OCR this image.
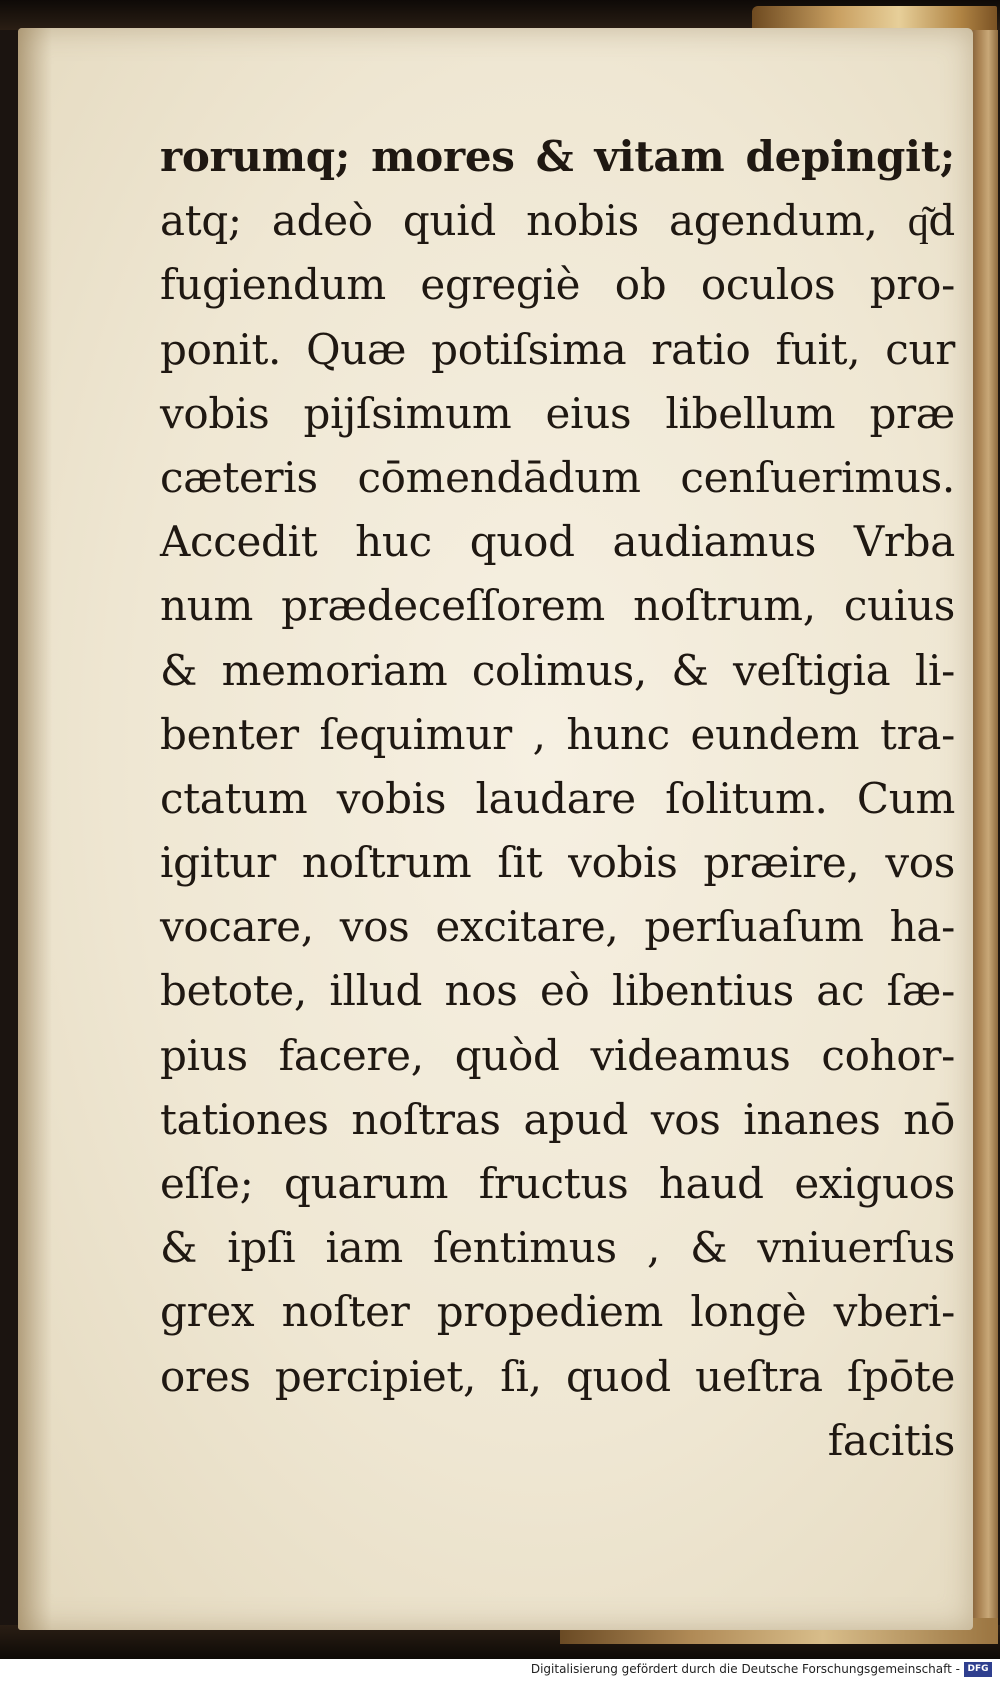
rorumq; mores & vitam depingit;
atq; adeò quid nobis agendum, q͂d
fugiendum egregiè ob oculos pro-
ponit. Quæ potiſsima ratio fuit, cur
vobis pijſsimum eius libellum præ
cæteris cōmendādum cenſuerimus.
Accedit huc quod audiamus Vrba
num prædeceſſorem noſtrum, cuius
& memoriam colimus, & veſtigia li-
benter ſequimur , hunc eundem tra-
ctatum vobis laudare ſolitum. Cum
igitur noſtrum ſit vobis præire, vos
vocare, vos excitare, perſuaſum ha-
betote, illud nos eò libentius ac ſæ-
pius facere, quòd videamus cohor-
tationes noſtras apud vos inanes nō
eſſe; quarum fructus haud exiguos
& ipſi iam ſentimus , & vniuerſus
grex noſter propediem longè vberi-
ores percipiet, ſi, quod ueſtra ſpōte
facitis
Digitalisierung gefördert durch die Deutsche Forschungsgemeinschaft - DFG
